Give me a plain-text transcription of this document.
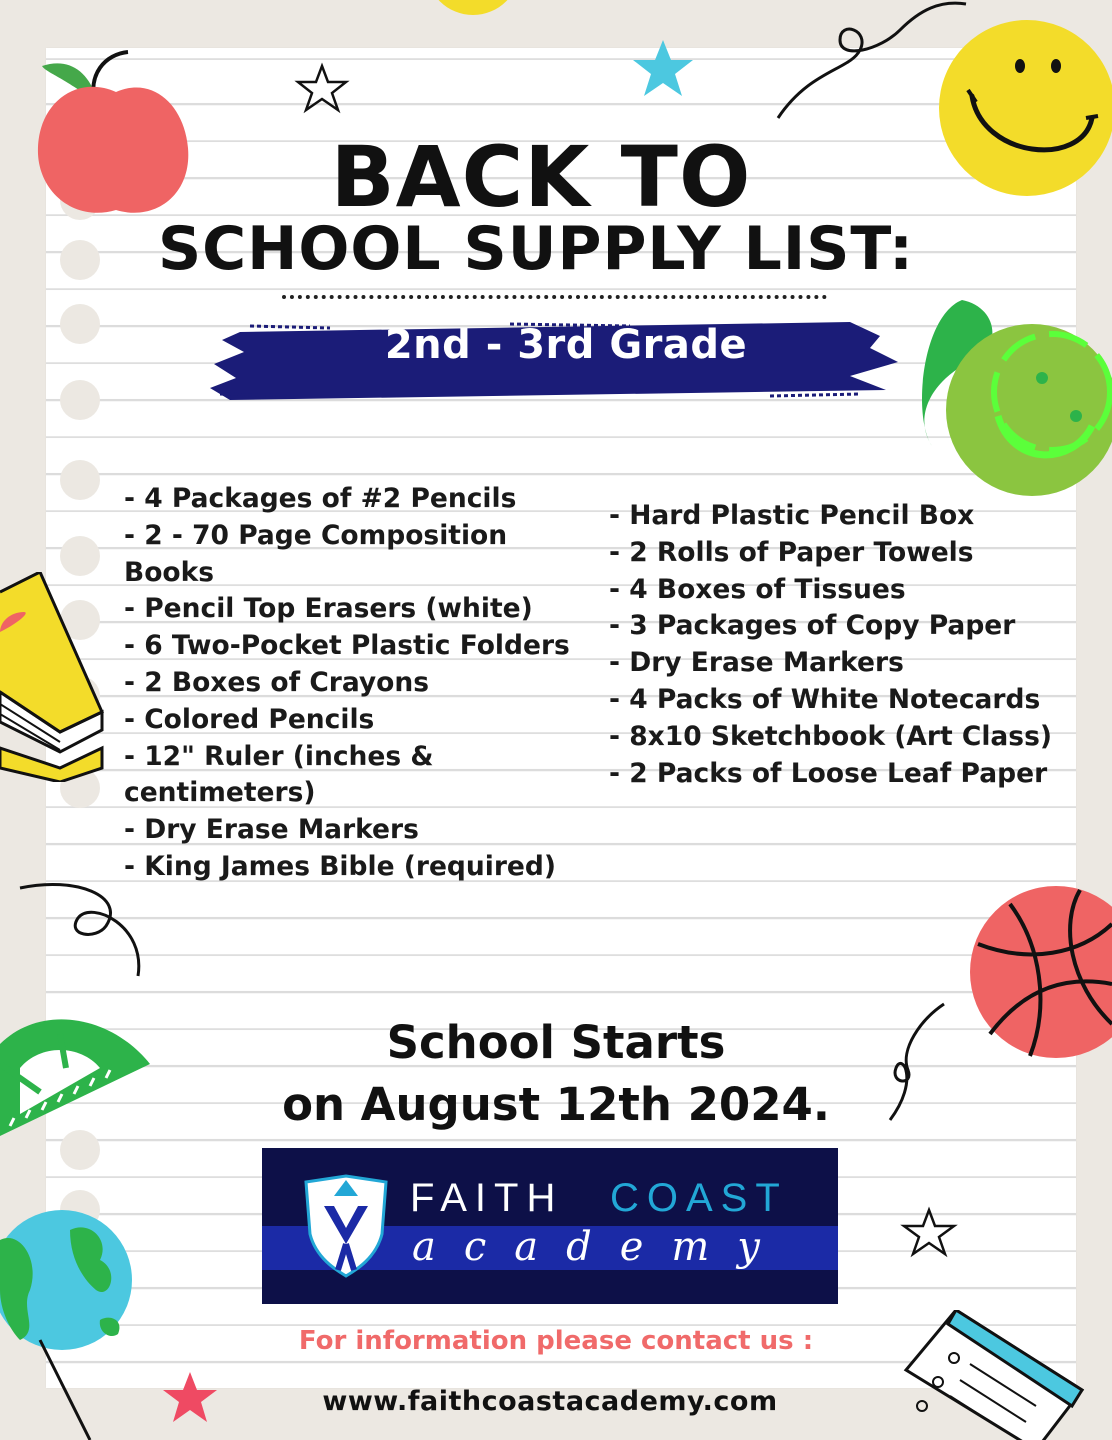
BACK TO
SCHOOL SUPPLY LIST:
2nd - 3rd Grade
- 4 Packages of #2 Pencils
- 2 - 70 Page Composition
Books
- Pencil Top Erasers (white)
- 6 Two-Pocket Plastic Folders
- 2 Boxes of Crayons
- Colored Pencils
- 12" Ruler (inches &
centimeters)
- Dry Erase Markers
- King James Bible (required)
- Hard Plastic Pencil Box
- 2 Rolls of Paper Towels
- 4 Boxes of Tissues
- 3 Packages of Copy Paper
- Dry Erase Markers
- 4 Packs of White Notecards
- 8x10 Sketchbook (Art Class)
- 2 Packs of Loose Leaf Paper
School Starts
on August 12th 2024.
FAITH COAST
academy
For information please contact us :
www.faithcoastacademy.com
